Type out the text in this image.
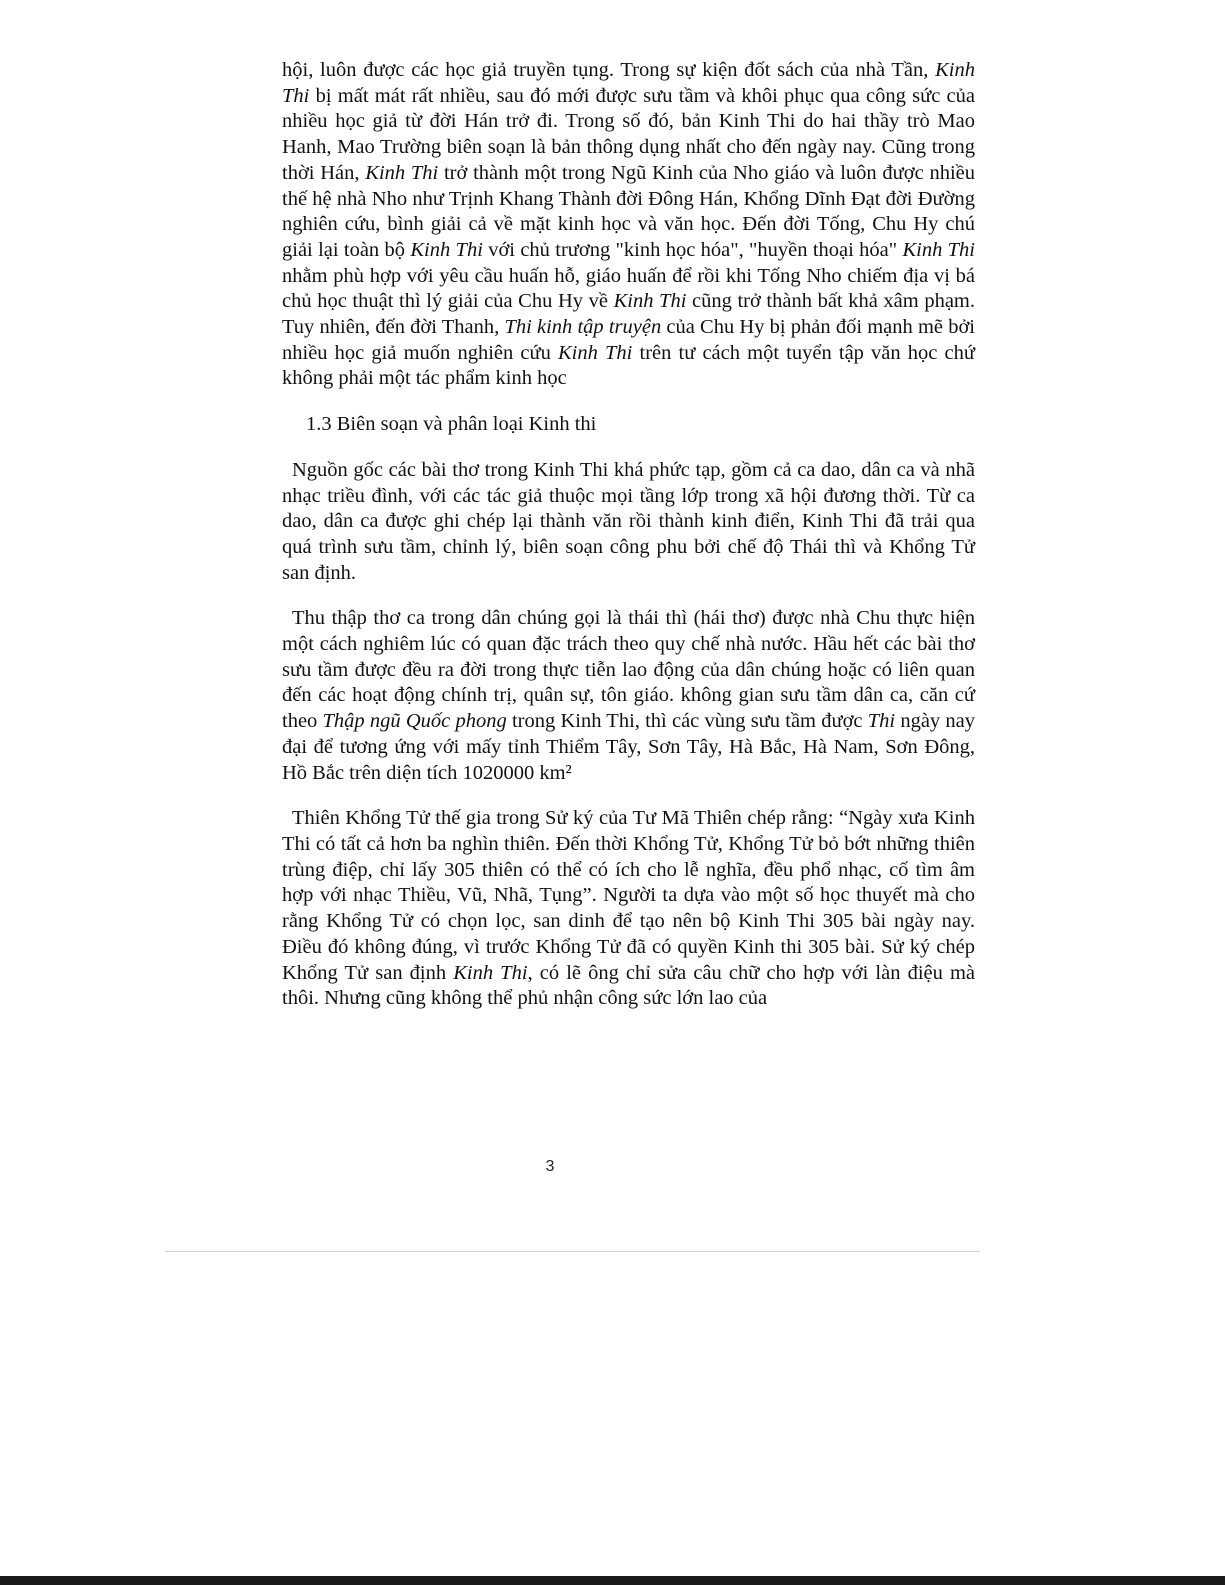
hội, luôn được các học giả truyền tụng. Trong sự kiện đốt sách của nhà Tần, Kinh Thi bị mất mát rất nhiều, sau đó mới được sưu tầm và khôi phục qua công sức của nhiều học giả từ đời Hán trở đi. Trong số đó, bản Kinh Thi do hai thầy trò Mao Hanh, Mao Trường biên soạn là bản thông dụng nhất cho đến ngày nay. Cũng trong thời Hán, Kinh Thi trở thành một trong Ngũ Kinh của Nho giáo và luôn được nhiều thế hệ nhà Nho như Trịnh Khang Thành đời Đông Hán, Khổng Dĩnh Đạt đời Đường nghiên cứu, bình giải cả về mặt kinh học và văn học. Đến đời Tống, Chu Hy chú giải lại toàn bộ Kinh Thi với chủ trương "kinh học hóa", "huyền thoại hóa" Kinh Thi nhằm phù hợp với yêu cầu huấn hỗ, giáo huấn để rồi khi Tống Nho chiếm địa vị bá chủ học thuật thì lý giải của Chu Hy về Kinh Thi cũng trở thành bất khả xâm phạm. Tuy nhiên, đến đời Thanh, Thi kinh tập truyện của Chu Hy bị phản đối mạnh mẽ bởi nhiều học giả muốn nghiên cứu Kinh Thi trên tư cách một tuyển tập văn học chứ không phải một tác phẩm kinh học

1.3 Biên soạn và phân loại Kinh thi

Nguồn gốc các bài thơ trong Kinh Thi khá phức tạp, gồm cả ca dao, dân ca và nhã nhạc triều đình, với các tác giả thuộc mọi tầng lớp trong xã hội đương thời. Từ ca dao, dân ca được ghi chép lại thành văn rồi thành kinh điển, Kinh Thi đã trải qua quá trình sưu tầm, chỉnh lý, biên soạn công phu bởi chế độ Thái thì và Khổng Tử san định.

Thu thập thơ ca trong dân chúng gọi là thái thì (hái thơ) được nhà Chu thực hiện một cách nghiêm lúc có quan đặc trách theo quy chế nhà nước. Hầu hết các bài thơ sưu tầm được đều ra đời trong thực tiễn lao động của dân chúng hoặc có liên quan đến các hoạt động chính trị, quân sự, tôn giáo. không gian sưu tầm dân ca, căn cứ theo Thập ngũ Quốc phong trong Kinh Thi, thì các vùng sưu tầm được Thi ngày nay đại để tương ứng với mấy tỉnh Thiểm Tây, Sơn Tây, Hà Bắc, Hà Nam, Sơn Đông, Hồ Bắc trên diện tích 1020000 km²

Thiên Khổng Tử thế gia trong Sử ký của Tư Mã Thiên chép rằng: “Ngày xưa Kinh Thi có tất cả hơn ba nghìn thiên. Đến thời Khổng Tử, Khổng Tử bỏ bớt những thiên trùng điệp, chỉ lấy 305 thiên có thể có ích cho lễ nghĩa, đều phổ nhạc, cố tìm âm hợp với nhạc Thiều, Vũ, Nhã, Tụng”. Người ta dựa vào một số học thuyết mà cho rằng Khổng Tử có chọn lọc, san dinh để tạo nên bộ Kinh Thi 305 bài ngày nay. Điều đó không đúng, vì trước Khổng Tử đã có quyền Kinh thi 305 bài. Sử ký chép Khổng Tử san định Kinh Thi, có lẽ ông chỉ sửa câu chữ cho hợp với làn điệu mà thôi. Nhưng cũng không thể phủ nhận công sức lớn lao của

3
